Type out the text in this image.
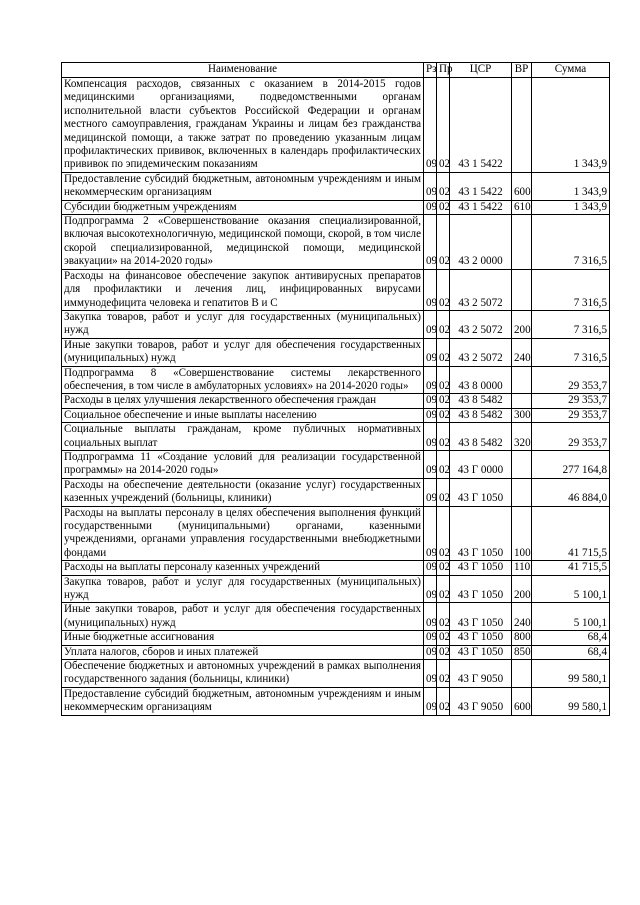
Наименование	Рз	Пр	ЦСР	ВР	Сумма
Компенсация расходов, связанных с оказанием в 2014-2015 годов медицинскими организациями, подведомственными органам исполнительной власти субъектов Российской Федерации и органам местного самоуправления, гражданам Украины и лицам без гражданства медицинской помощи, а также затрат по проведению указанным лицам профилактических прививок, включенных в календарь профилактических прививок по эпидемическим показаниям	09	02	43 1 5422		1 343,9
Предоставление субсидий бюджетным, автономным учреждениям и иным некоммерческим организациям	09	02	43 1 5422	600	1 343,9
Субсидии бюджетным учреждениям	09	02	43 1 5422	610	1 343,9
Подпрограмма 2 «Совершенствование оказания специализированной, включая высокотехнологичную, медицинской помощи, скорой, в том числе скорой специализированной, медицинской помощи, медицинской эвакуации» на 2014-2020 годы»	09	02	43 2 0000		7 316,5
Расходы на финансовое обеспечение закупок антивирусных препаратов для профилактики и лечения лиц, инфицированных вирусами иммунодефицита человека и гепатитов В и С	09	02	43 2 5072		7 316,5
Закупка товаров, работ и услуг для государственных (муниципальных) нужд	09	02	43 2 5072	200	7 316,5
Иные закупки товаров, работ и услуг для обеспечения государственных (муниципальных) нужд	09	02	43 2 5072	240	7 316,5
Подпрограмма 8 «Совершенствование системы лекарственного обеспечения, в том числе в амбулаторных условиях» на 2014-2020 годы»	09	02	43 8 0000		29 353,7
Расходы в целях улучшения лекарственного обеспечения граждан	09	02	43 8 5482		29 353,7
Социальное обеспечение и иные выплаты населению	09	02	43 8 5482	300	29 353,7
Социальные выплаты гражданам, кроме публичных нормативных социальных выплат	09	02	43 8 5482	320	29 353,7
Подпрограмма 11 «Создание условий для реализации государственной программы» на 2014-2020 годы»	09	02	43 Г 0000		277 164,8
Расходы на обеспечение деятельности (оказание услуг) государственных казенных учреждений (больницы, клиники)	09	02	43 Г 1050		46 884,0
Расходы на выплаты персоналу в целях обеспечения выполнения функций государственными (муниципальными) органами, казенными учреждениями, органами управления государственными внебюджетными фондами	09	02	43 Г 1050	100	41 715,5
Расходы на выплаты персоналу казенных учреждений	09	02	43 Г 1050	110	41 715,5
Закупка товаров, работ и услуг для государственных (муниципальных) нужд	09	02	43 Г 1050	200	5 100,1
Иные закупки товаров, работ и услуг для обеспечения государственных (муниципальных) нужд	09	02	43 Г 1050	240	5 100,1
Иные бюджетные ассигнования	09	02	43 Г 1050	800	68,4
Уплата налогов, сборов и иных платежей	09	02	43 Г 1050	850	68,4
Обеспечение бюджетных и автономных учреждений в рамках выполнения государственного задания (больницы, клиники)	09	02	43 Г 9050		99 580,1
Предоставление субсидий бюджетным, автономным учреждениям и иным некоммерческим организациям	09	02	43 Г 9050	600	99 580,1
